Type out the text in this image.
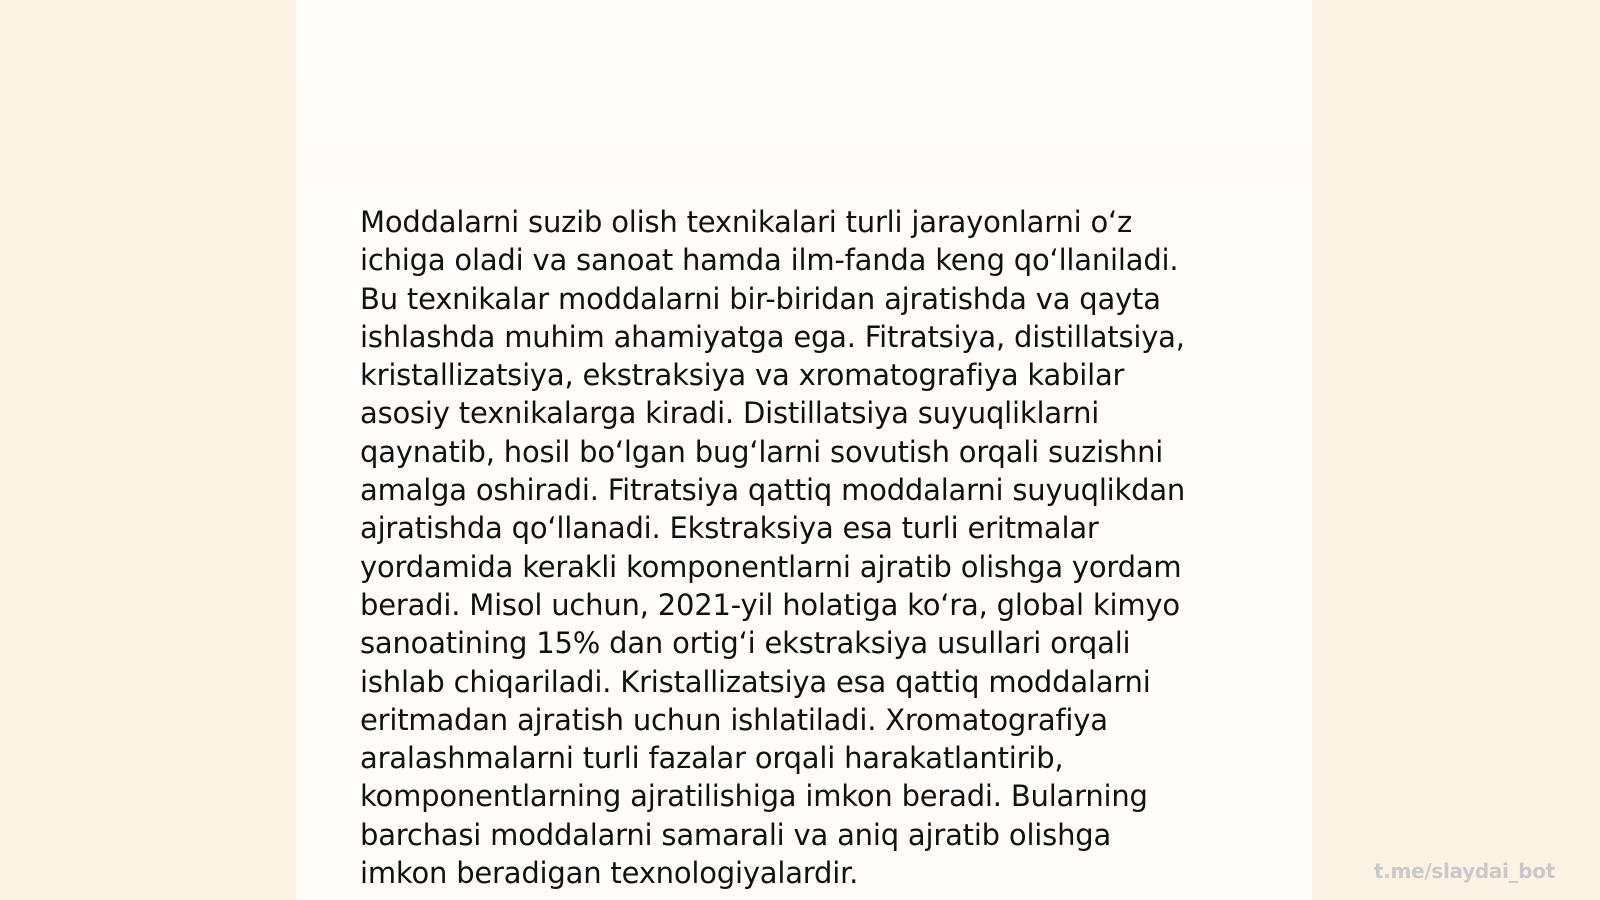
Moddalarni suzib olish texnikalari turli jarayonlarni o‘z
ichiga oladi va sanoat hamda ilm-fanda keng qo‘llaniladi.
Bu texnikalar moddalarni bir-biridan ajratishda va qayta
ishlashda muhim ahamiyatga ega. Fitratsiya, distillatsiya,
kristallizatsiya, ekstraksiya va xromatografiya kabilar
asosiy texnikalarga kiradi. Distillatsiya suyuqliklarni
qaynatib, hosil bo‘lgan bug‘larni sovutish orqali suzishni
amalga oshiradi. Fitratsiya qattiq moddalarni suyuqlikdan
ajratishda qo‘llanadi. Ekstraksiya esa turli eritmalar
yordamida kerakli komponentlarni ajratib olishga yordam
beradi. Misol uchun, 2021-yil holatiga ko‘ra, global kimyo
sanoatining 15% dan ortig‘i ekstraksiya usullari orqali
ishlab chiqariladi. Kristallizatsiya esa qattiq moddalarni
eritmadan ajratish uchun ishlatiladi. Xromatografiya
aralashmalarni turli fazalar orqali harakatlantirib,
komponentlarning ajratilishiga imkon beradi. Bularning
barchasi moddalarni samarali va aniq ajratib olishga
imkon beradigan texnologiyalardir.	t.me/slaydai_bot
